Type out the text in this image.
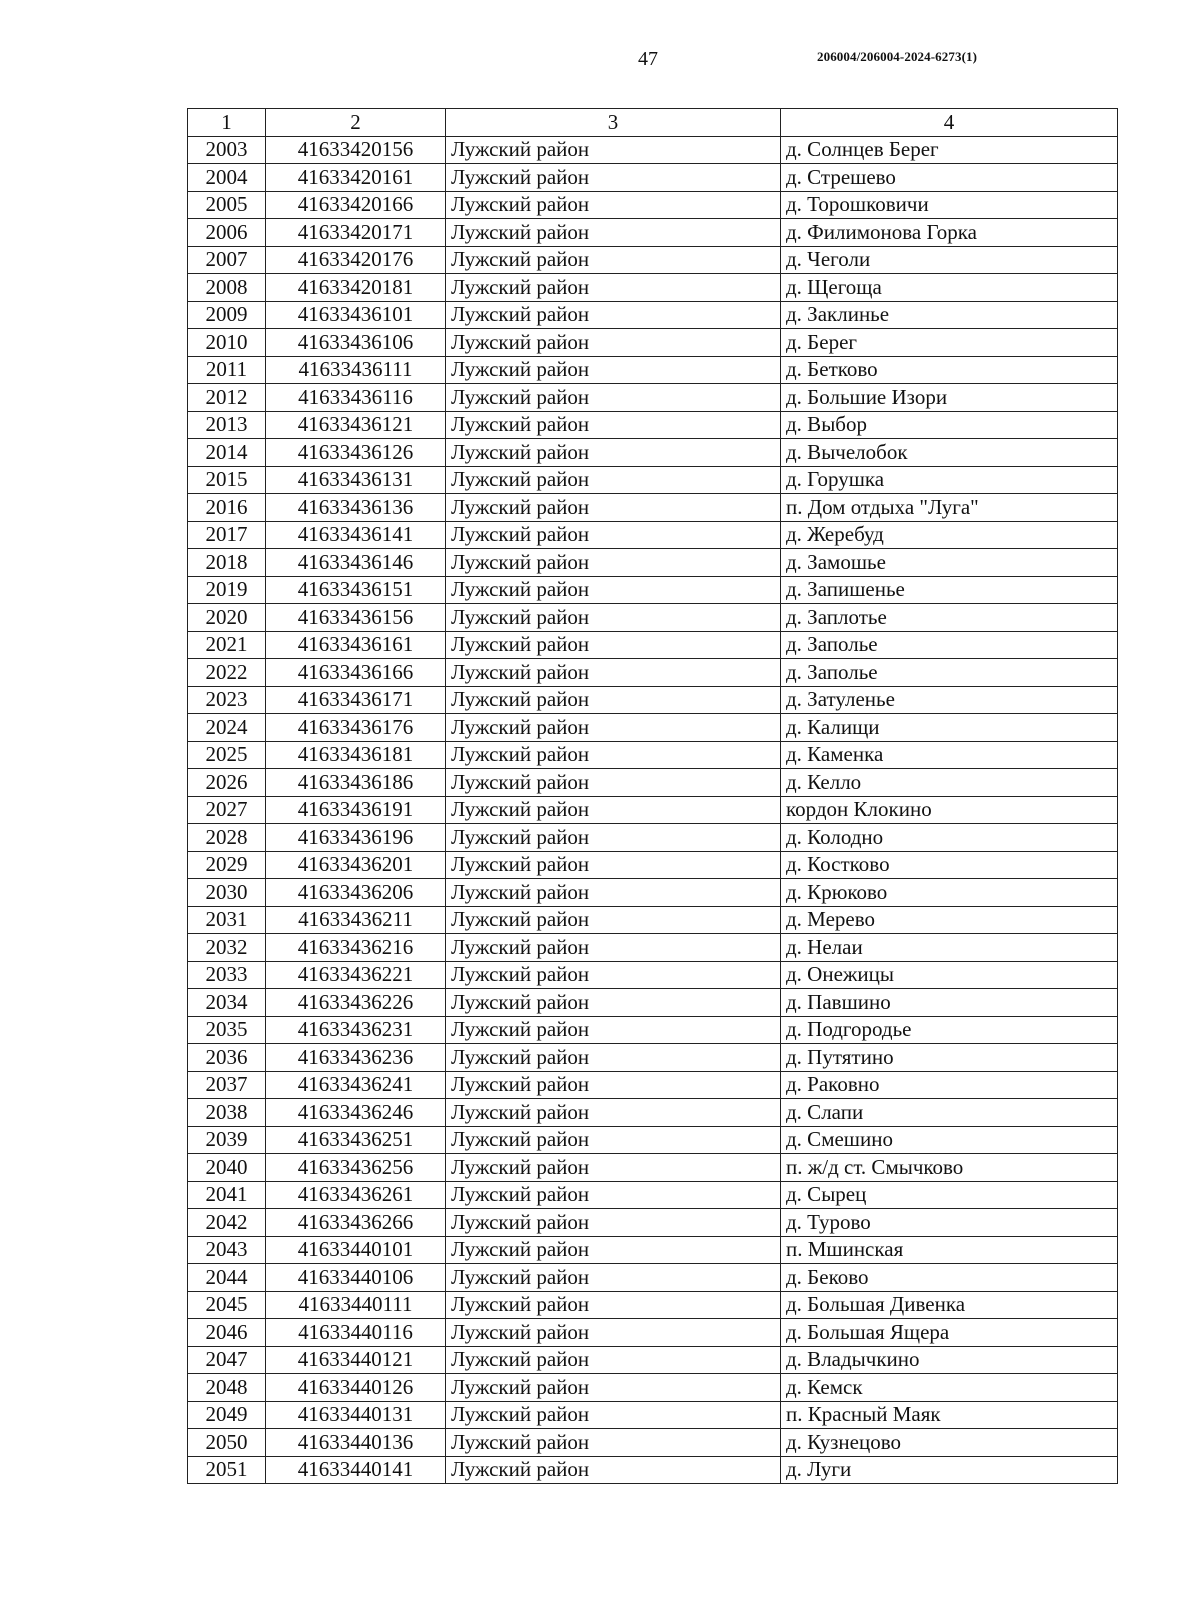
47	206004/206004-2024-6273(1)
1	2	3	4
2003	41633420156	Лужский район	д. Солнцев Берег
2004	41633420161	Лужский район	д. Стрешево
2005	41633420166	Лужский район	д. Торошковичи
2006	41633420171	Лужский район	д. Филимонова Горка
2007	41633420176	Лужский район	д. Чеголи
2008	41633420181	Лужский район	д. Щегоща
2009	41633436101	Лужский район	д. Заклинье
2010	41633436106	Лужский район	д. Берег
2011	41633436111	Лужский район	д. Бетково
2012	41633436116	Лужский район	д. Большие Изори
2013	41633436121	Лужский район	д. Выбор
2014	41633436126	Лужский район	д. Вычелобок
2015	41633436131	Лужский район	д. Горушка
2016	41633436136	Лужский район	п. Дом отдыха "Луга"
2017	41633436141	Лужский район	д. Жеребуд
2018	41633436146	Лужский район	д. Замошье
2019	41633436151	Лужский район	д. Запишенье
2020	41633436156	Лужский район	д. Заплотье
2021	41633436161	Лужский район	д. Заполье
2022	41633436166	Лужский район	д. Заполье
2023	41633436171	Лужский район	д. Затуленье
2024	41633436176	Лужский район	д. Калищи
2025	41633436181	Лужский район	д. Каменка
2026	41633436186	Лужский район	д. Келло
2027	41633436191	Лужский район	кордон Клокино
2028	41633436196	Лужский район	д. Колодно
2029	41633436201	Лужский район	д. Костково
2030	41633436206	Лужский район	д. Крюково
2031	41633436211	Лужский район	д. Мерево
2032	41633436216	Лужский район	д. Нелаи
2033	41633436221	Лужский район	д. Онежицы
2034	41633436226	Лужский район	д. Павшино
2035	41633436231	Лужский район	д. Подгородье
2036	41633436236	Лужский район	д. Путятино
2037	41633436241	Лужский район	д. Раковно
2038	41633436246	Лужский район	д. Слапи
2039	41633436251	Лужский район	д. Смешино
2040	41633436256	Лужский район	п. ж/д ст. Смычково
2041	41633436261	Лужский район	д. Сырец
2042	41633436266	Лужский район	д. Турово
2043	41633440101	Лужский район	п. Мшинская
2044	41633440106	Лужский район	д. Беково
2045	41633440111	Лужский район	д. Большая Дивенка
2046	41633440116	Лужский район	д. Большая Ящера
2047	41633440121	Лужский район	д. Владычкино
2048	41633440126	Лужский район	д. Кемск
2049	41633440131	Лужский район	п. Красный Маяк
2050	41633440136	Лужский район	д. Кузнецово
2051	41633440141	Лужский район	д. Луги
